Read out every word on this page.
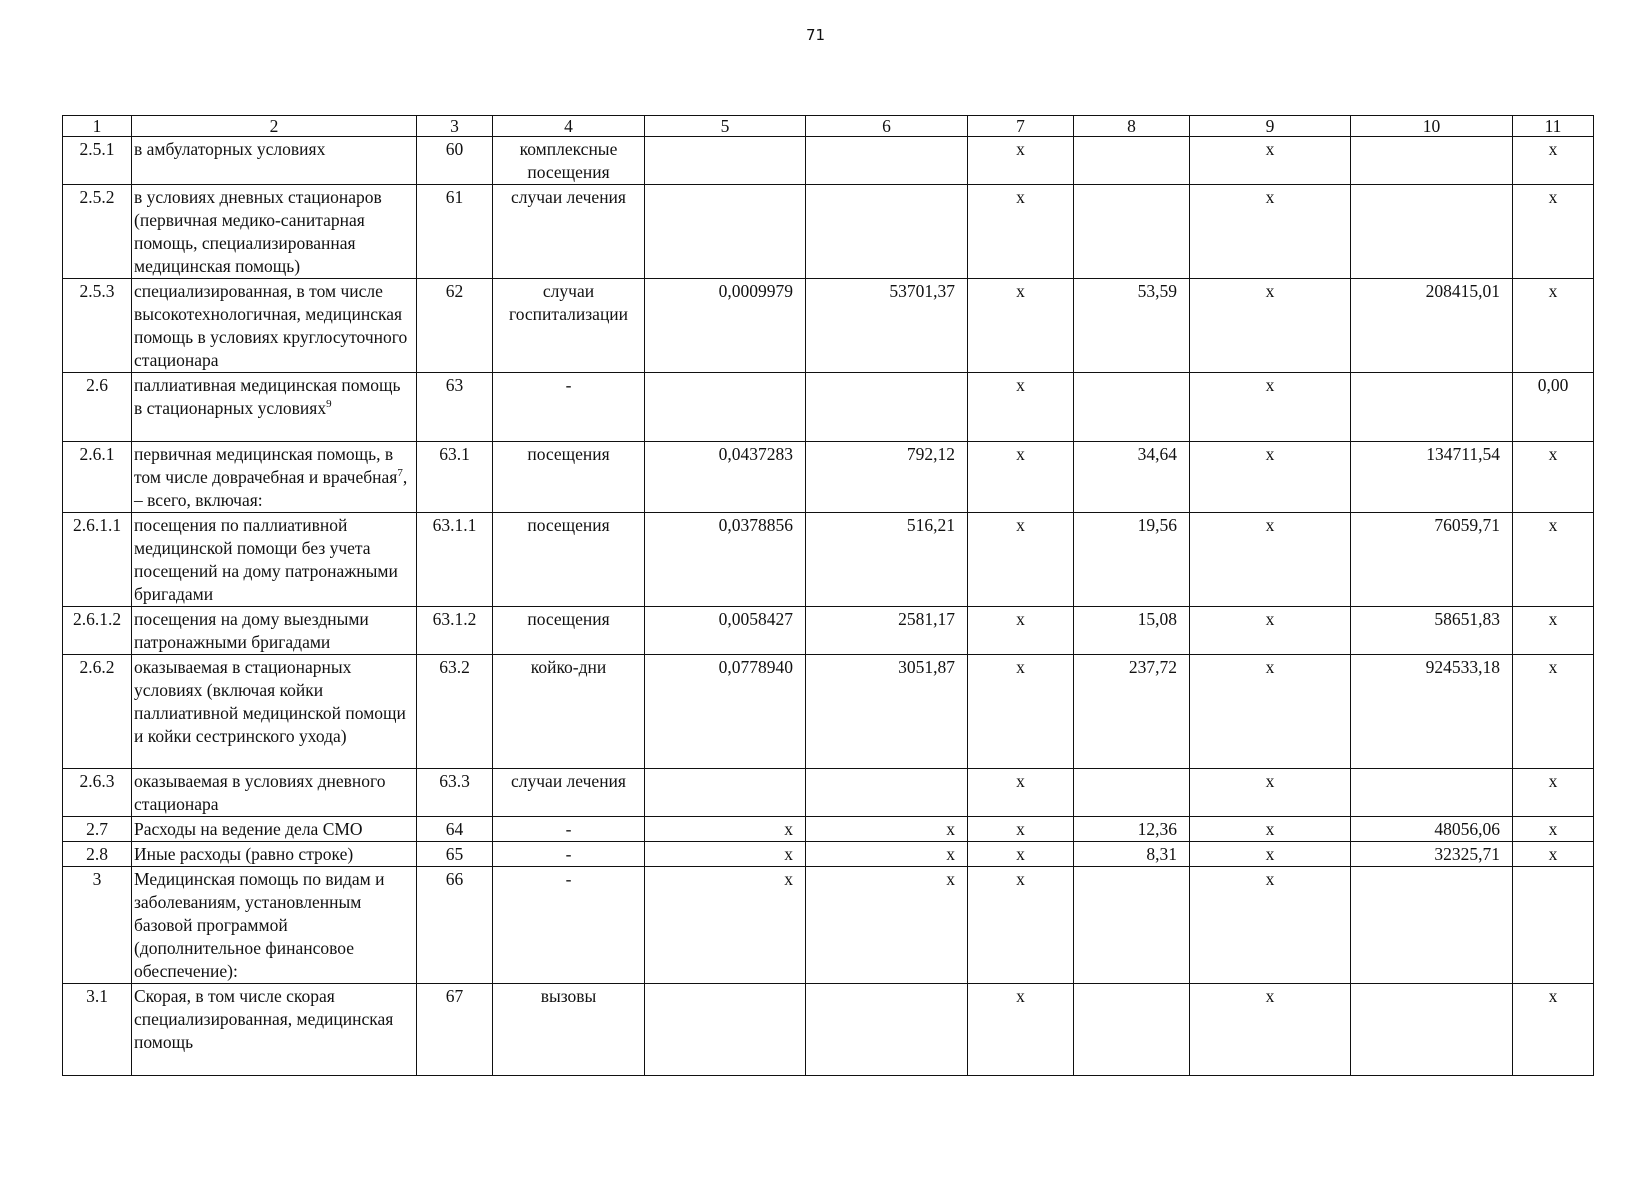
71
1	2	3	4	5	6	7	8	9	10	11
2.5.1	в амбулаторных условиях	60	комплексные посещения			х		х		х
2.5.2	в условиях дневных стационаров (первичная медико-санитарная помощь, специализированная медицинская помощь)	61	случаи лечения			х		х		х
2.5.3	специализированная, в том числе высокотехнологичная, медицинская помощь в условиях круглосуточного стационара	62	случаи госпитализации	0,0009979	53701,37	х	53,59	х	208415,01	х
2.6	паллиативная медицинская помощь в стационарных условиях$^9$	63	-			х		х		0,00
2.6.1	первичная медицинская помощь, в том числе доврачебная и врачебная$^7$, – всего, включая:	63.1	посещения	0,0437283	792,12	х	34,64	х	134711,54	х
2.6.1.1	посещения по паллиативной медицинской помощи без учета посещений на дому патронажными бригадами	63.1.1	посещения	0,0378856	516,21	х	19,56	х	76059,71	х
2.6.1.2	посещения на дому выездными патронажными бригадами	63.1.2	посещения	0,0058427	2581,17	х	15,08	х	58651,83	х
2.6.2	оказываемая в стационарных условиях (включая койки паллиативной медицинской помощи и койки сестринского ухода)	63.2	койко-дни	0,0778940	3051,87	х	237,72	х	924533,18	х
2.6.3	оказываемая в условиях дневного стационара	63.3	случаи лечения			х		х		х
2.7	Расходы на ведение дела СМО	64	-	х	х	х	12,36	х	48056,06	х
2.8	Иные расходы (равно строке)	65	-	х	х	х	8,31	х	32325,71	х
3	Медицинская помощь по видам и заболеваниям, установленным базовой программой (дополнительное финансовое обеспечение):	66	-	х	х	х		х		
3.1	Скорая, в том числе скорая специализированная, медицинская помощь	67	вызовы			х		х		х
